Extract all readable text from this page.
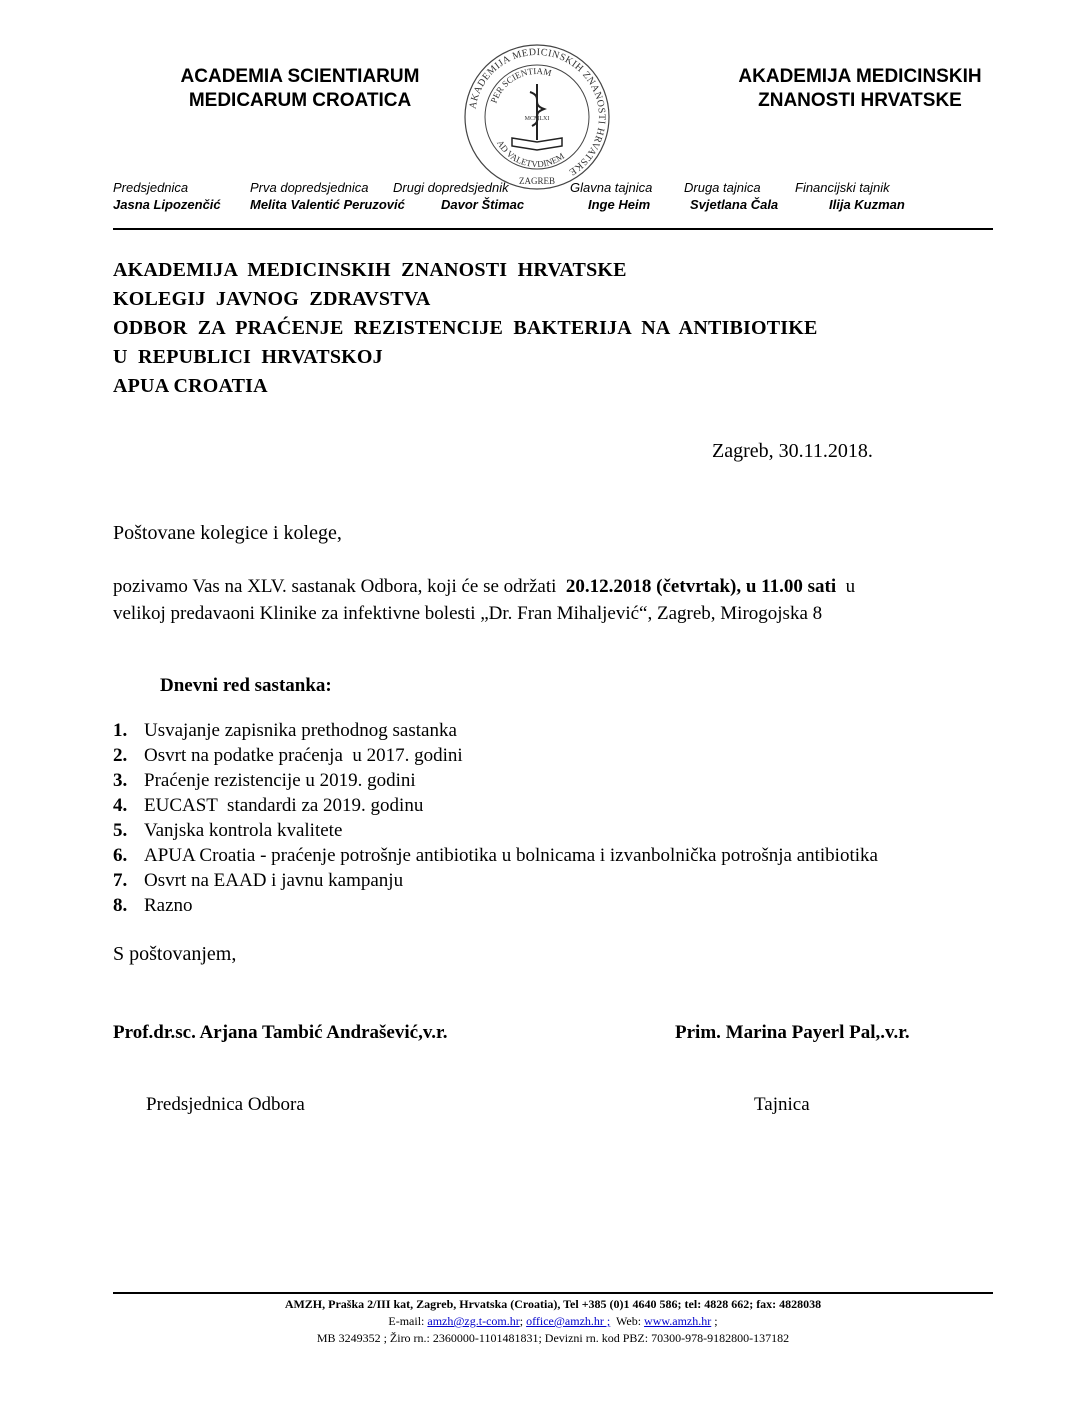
ACADEMIA SCIENTIARUM
MEDICARUM CROATICA	AKADEMIJA MEDICINSKIH ZNANOSTI HRVATSKE
PER SCIENTIAM
AD VALETVDINEM
ZAGREB
MCMLXI
AKADEMIJA MEDICINSKIH
ZNANOSTI HRVATSKE
Predsjednica
Jasna Lipozenčić
Prva dopredsjednica
Melita Valentić Peruzović
Drugi dopredsjednik
Davor Štimac
Glavna tajnica
Inge Heim
Druga tajnica
Svjetlana Čala
Financijski tajnik
Ilija Kuzman
AKADEMIJA  MEDICINSKIH  ZNANOSTI  HRVATSKE
KOLEGIJ  JAVNOG  ZDRAVSTVA
ODBOR  ZA  PRAĆENJE  REZISTENCIJE  BAKTERIJA  NA  ANTIBIOTIKE
U  REPUBLICI  HRVATSKOJ
APUA CROATIA
Zagreb, 30.11.2018.
Poštovane kolegice i kolege,
pozivamo Vas na XLV. sastanak Odbora, koji će se održati  20.12.2018 (četvrtak), u 11.00 sati  u
velikoj predavaoni Klinike za infektivne bolesti „Dr. Fran Mihaljević“, Zagreb, Mirogojska 8
Dnevni red sastanka:
1. Usvajanje zapisnika prethodnog sastanka
2. Osvrt na podatke praćenja  u 2017. godini
3. Praćenje rezistencije u 2019. godini
4. EUCAST  standardi za 2019. godinu
5. Vanjska kontrola kvalitete
6. APUA Croatia - praćenje potrošnje antibiotika u bolnicama i izvanbolnička potrošnja antibiotika
7. Osvrt na EAAD i javnu kampanju
8. Razno
S poštovanjem,
Prof.dr.sc. Arjana Tambić Andrašević,v.r.	Prim. Marina Payerl Pal,.v.r.
Predsjednica Odbora	Tajnica
AMZH, Praška 2/III kat, Zagreb, Hrvatska (Croatia), Tel +385 (0)1 4640 586; tel: 4828 662; fax: 4828038
E-mail: amzh@zg.t-com.hr; office@amzh.hr ;  Web: www.amzh.hr ;
MB 3249352 ; Žiro rn.: 2360000-1101481831; Devizni rn. kod PBZ: 70300-978-9182800-137182
